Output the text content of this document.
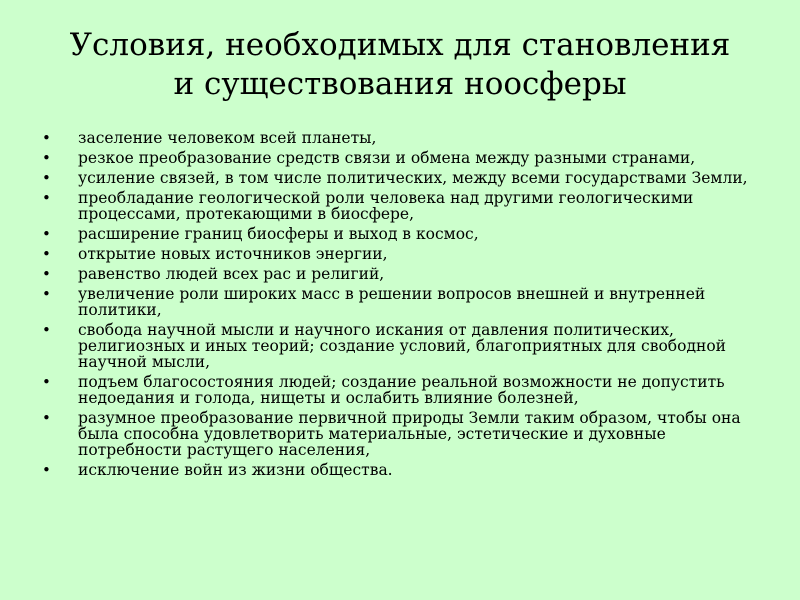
Условия, необходимых для становления
и существования ноосферы
• заселение человеком всей планеты,
• резкое преобразование средств связи и обмена между разными странами,
• усиление связей, в том числе политических, между всеми государствами Земли,
• преобладание геологической роли человека над другими геологическими процессами, протекающими в биосфере,
• расширение границ биосферы и выход в космос,
• открытие новых источников энергии,
• равенство людей всех рас и религий,
• увеличение роли широких масс в решении вопросов внешней и внутренней политики,
• свобода научной мысли и научного искания от давления политических, религиозных и иных теорий; создание условий, благоприятных для свободной научной мысли,
• подъем благосостояния людей; создание реальной возможности не допустить недоедания и голода, нищеты и ослабить влияние болезней,
• разумное преобразование первичной природы Земли таким образом, чтобы она была способна удовлетворить материальные, эстетические и духовные потребности растущего населения,
• исключение войн из жизни общества.
